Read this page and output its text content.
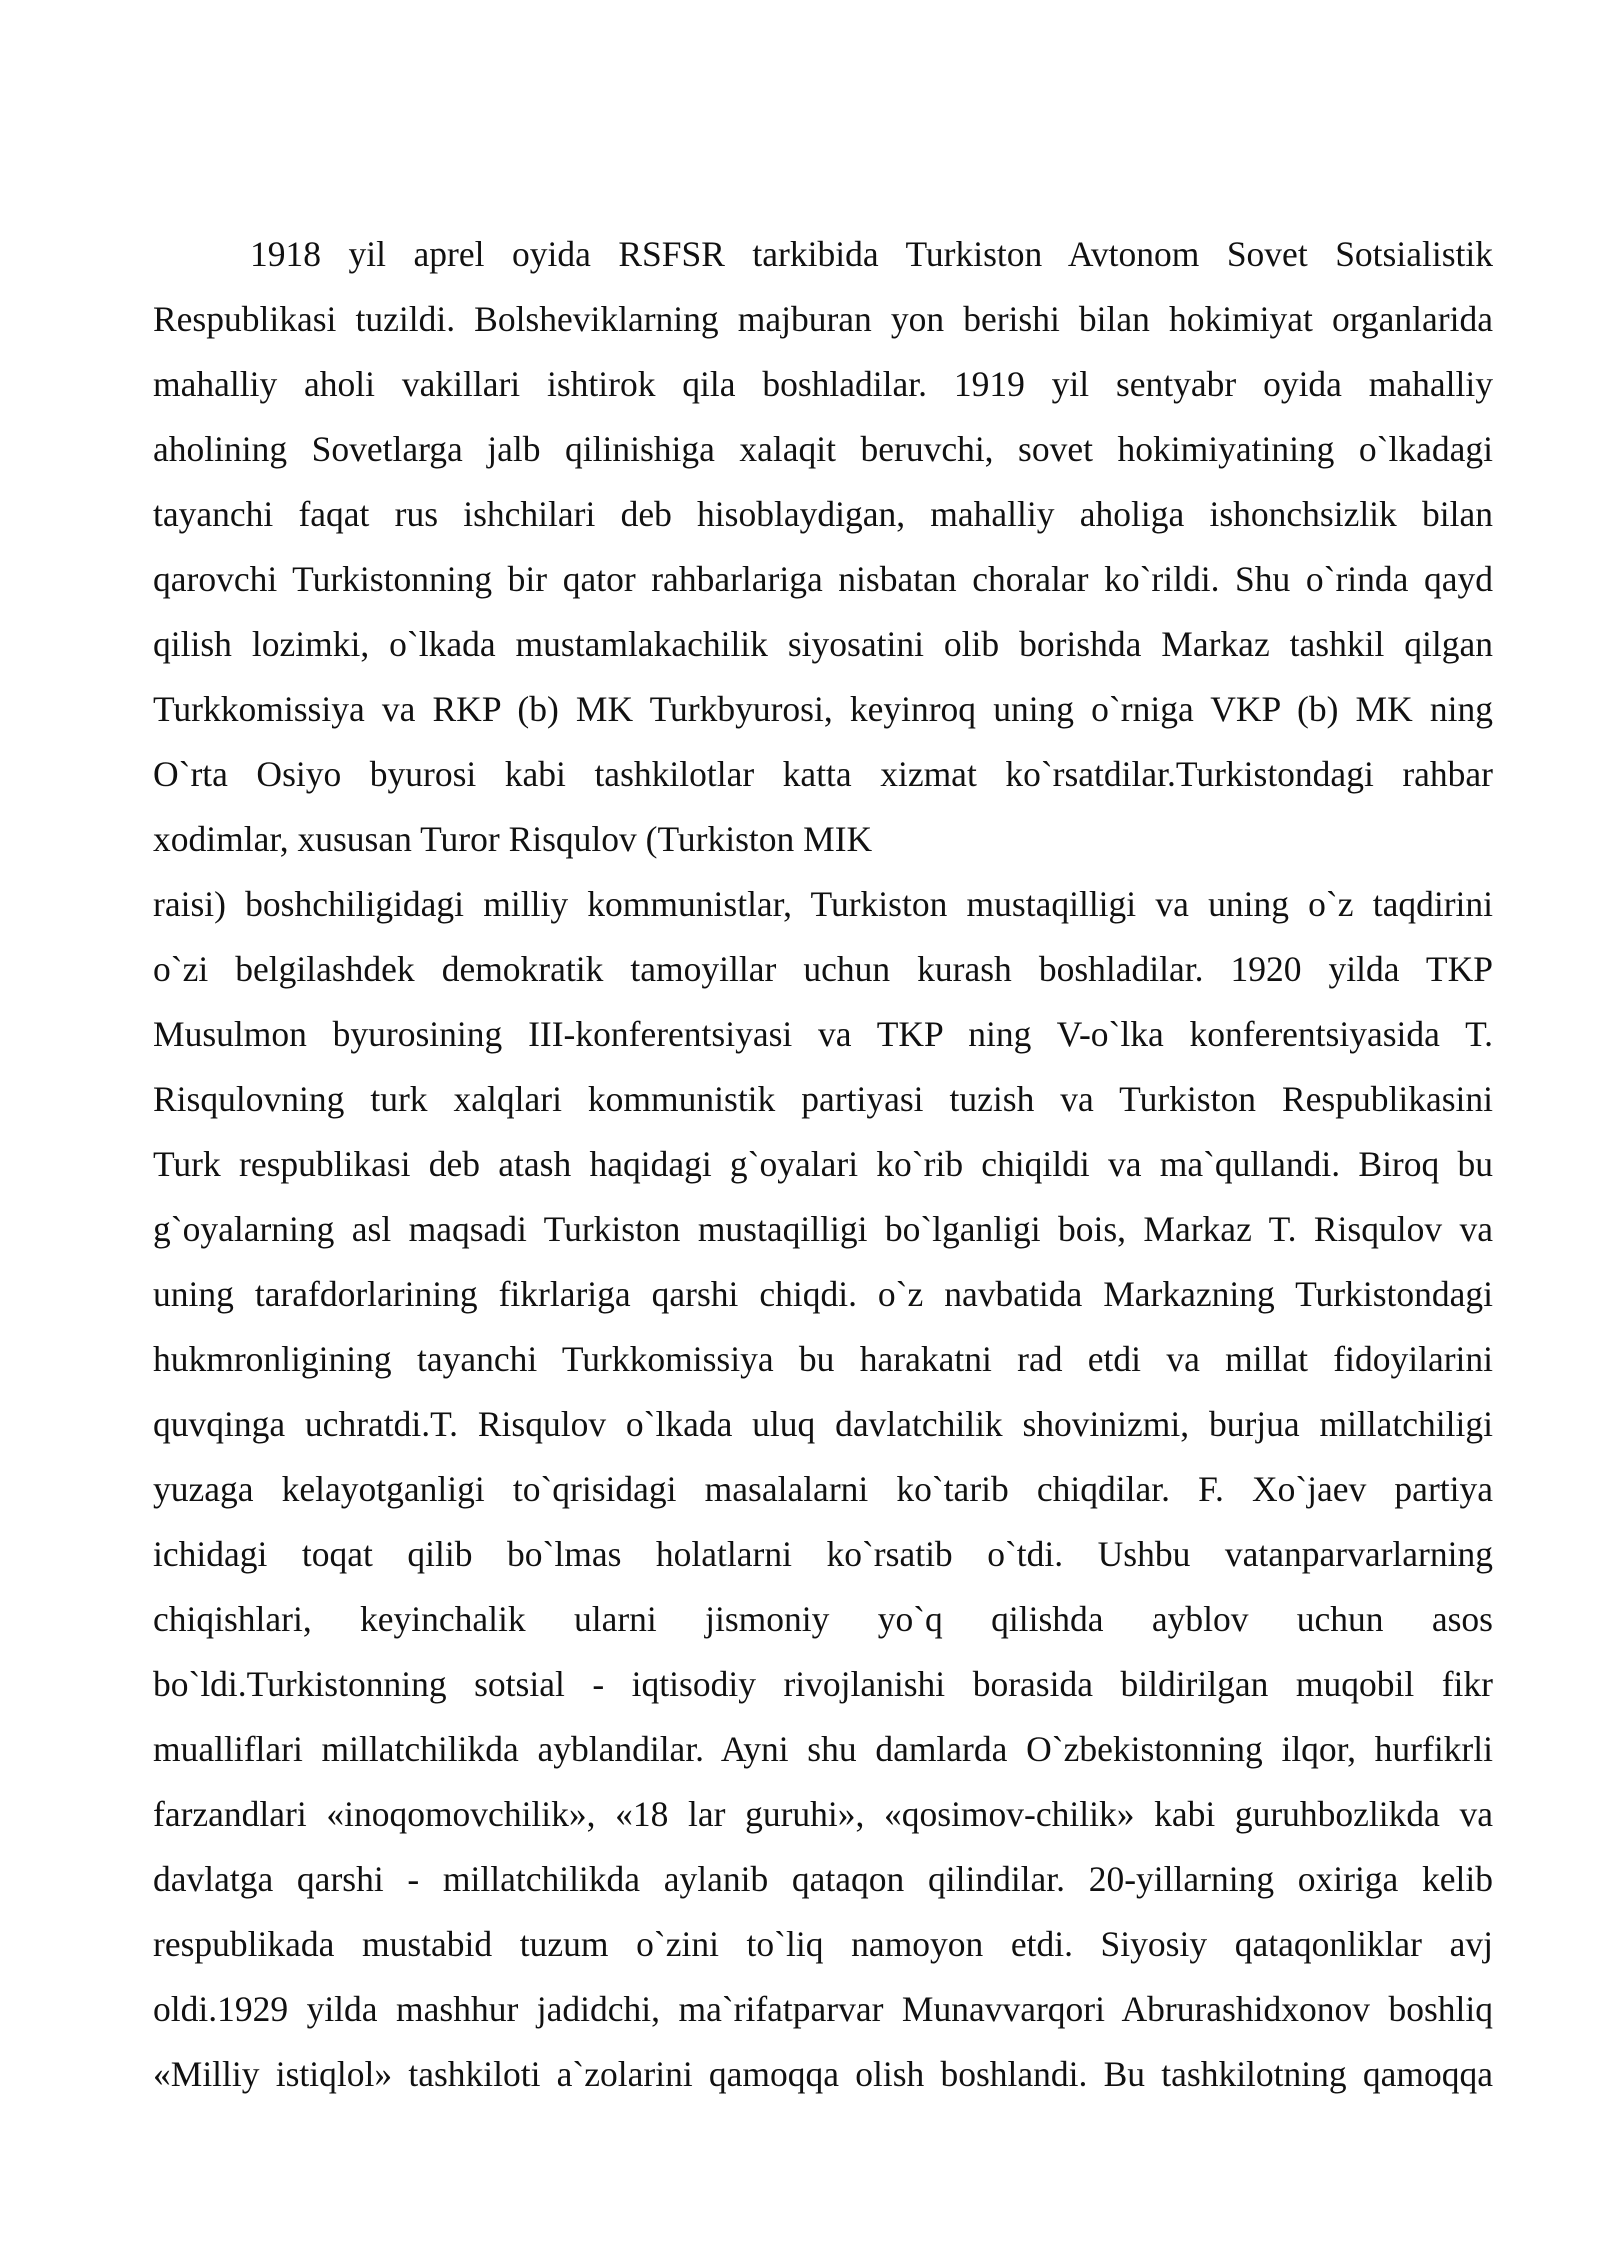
1918 yil aprel oyida RSFSR tarkibida Turkiston Avtonom Sovet Sotsialistik
Respublikasi tuzildi. Bolsheviklarning majburan yon berishi bilan hokimiyat organlarida
mahalliy aholi vakillari ishtirok qila boshladilar. 1919 yil sentyabr oyida mahalliy
aholining Sovetlarga jalb qilinishiga xalaqit beruvchi, sovet hokimiyatining o`lkadagi
tayanchi faqat rus ishchilari deb hisoblaydigan, mahalliy aholiga ishonchsizlik bilan
qarovchi Turkistonning bir qator rahbarlariga nisbatan choralar ko`rildi. Shu o`rinda qayd
qilish lozimki, o`lkada mustamlakachilik siyosatini olib borishda Markaz tashkil qilgan
Turkkomissiya va RKP (b) MK Turkbyurosi, keyinroq uning o`rniga VKP (b) MK ning
O`rta Osiyo byurosi kabi tashkilotlar katta xizmat ko`rsatdilar.Turkistondagi rahbar
xodimlar, xususan Turor Risqulov (Turkiston MIK
raisi) boshchiligidagi milliy kommunistlar, Turkiston mustaqilligi va uning o`z taqdirini
o`zi belgilashdek demokratik tamoyillar uchun kurash boshladilar. 1920 yilda TKP
Musulmon byurosining III-konferentsiyasi va TKP ning V-o`lka konferentsiyasida T.
Risqulovning turk xalqlari kommunistik partiyasi tuzish va Turkiston Respublikasini
Turk respublikasi deb atash haqidagi g`oyalari ko`rib chiqildi va ma`qullandi. Biroq bu
g`oyalarning asl maqsadi Turkiston mustaqilligi bo`lganligi bois, Markaz T. Risqulov va
uning tarafdorlarining fikrlariga qarshi chiqdi. o`z navbatida Markazning Turkistondagi
hukmronligining tayanchi Turkkomissiya bu harakatni rad etdi va millat fidoyilarini
quvqinga uchratdi.T. Risqulov o`lkada uluq davlatchilik shovinizmi, burjua millatchiligi
yuzaga kelayotganligi to`qrisidagi masalalarni ko`tarib chiqdilar. F. Xo`jaev partiya
ichidagi toqat qilib bo`lmas holatlarni ko`rsatib o`tdi. Ushbu vatanparvarlarning
chiqishlari, keyinchalik ularni jismoniy yo`q qilishda ayblov uchun asos
bo`ldi.Turkistonning sotsial - iqtisodiy rivojlanishi borasida bildirilgan muqobil fikr
mualliflari millatchilikda ayblandilar. Ayni shu damlarda O`zbekistonning ilqor, hurfikrli
farzandlari «inoqomovchilik», «18 lar guruhi», «qosimov-chilik» kabi guruhbozlikda va
davlatga qarshi - millatchilikda aylanib qataqon qilindilar. 20-yillarning oxiriga kelib
respublikada mustabid tuzum o`zini to`liq namoyon etdi. Siyosiy qataqonliklar avj
oldi.1929 yilda mashhur jadidchi, ma`rifatparvar Munavvarqori Abrurashidxonov boshliq
«Milliy istiqlol» tashkiloti a`zolarini qamoqqa olish boshlandi. Bu tashkilotning qamoqqa
